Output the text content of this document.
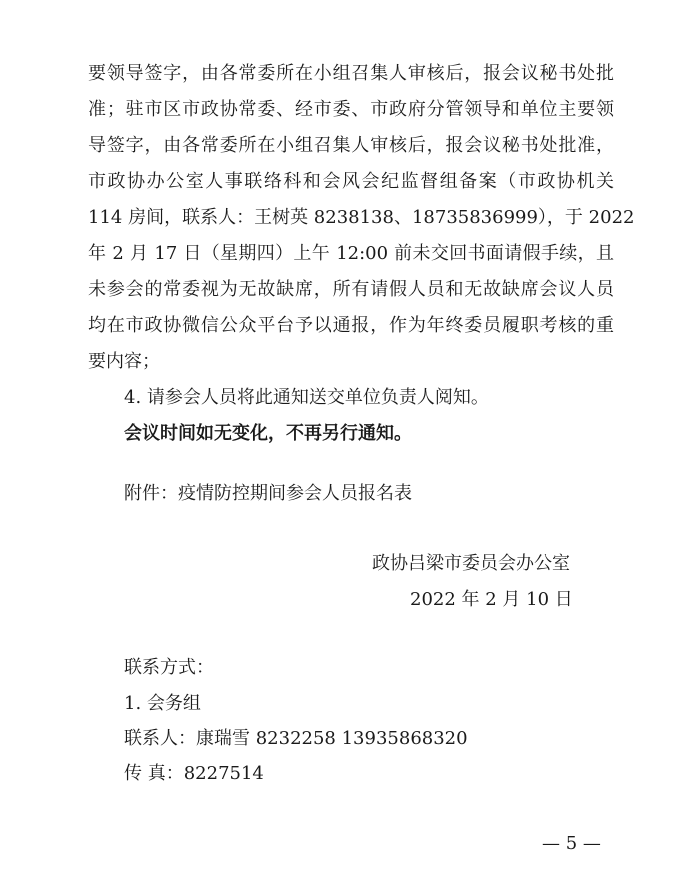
要领导签字，由各常委所在小组召集人审核后，报会议秘书处批

准；驻市区市政协常委、经市委、市政府分管领导和单位主要领

导签字，由各常委所在小组召集人审核后，报会议秘书处批准，

市政协办公室人事联络科和会风会纪监督组备案（市政协机关

114 房间，联系人：王树英 8238138、18735836999），于 2022

年 2 月 17 日（星期四）上午 12:00 前未交回书面请假手续，且

未参会的常委视为无故缺席，所有请假人员和无故缺席会议人员

均在市政协微信公众平台予以通报，作为年终委员履职考核的重

要内容；

4. 请参会人员将此通知送交单位负责人阅知。

会议时间如无变化，不再另行通知。

附件：疫情防控期间参会人员报名表

政协吕梁市委员会办公室

2022 年 2 月 10 日

联系方式：

1. 会务组

联系人：康瑞雪 8232258 13935868320

传 真：8227514

— 5 —
